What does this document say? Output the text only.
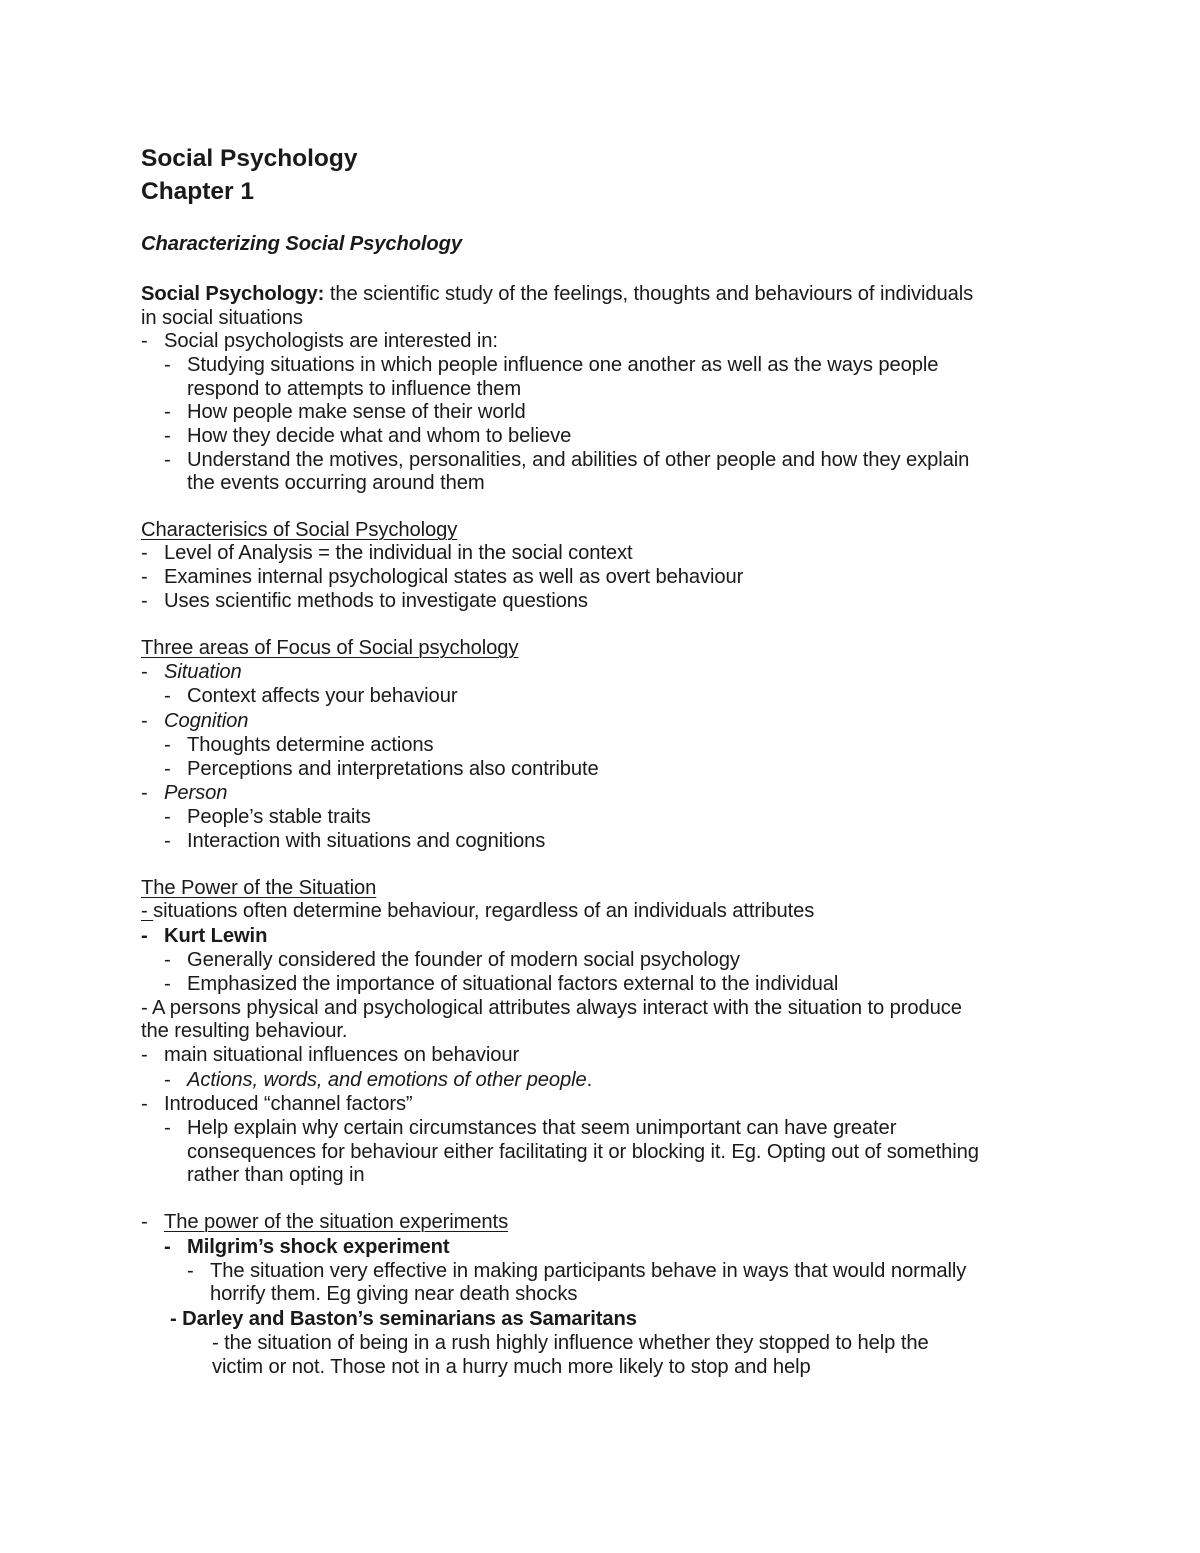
Social Psychology
Chapter 1
Characterizing Social Psychology
Social Psychology: the scientific study of the feelings, thoughts and behaviours of individuals
in social situations
- Social psychologists are interested in:
- Studying situations in which people influence one another as well as the ways people
respond to attempts to influence them
- How people make sense of their world
- How they decide what and whom to believe
- Understand the motives, personalities, and abilities of other people and how they explain
the events occurring around them
Characterisics of Social Psychology
- Level of Analysis = the individual in the social context
- Examines internal psychological states as well as overt behaviour
- Uses scientific methods to investigate questions
Three areas of Focus of Social psychology
- Situation
- Context affects your behaviour
- Cognition
- Thoughts determine actions
- Perceptions and interpretations also contribute
- Person
- People’s stable traits
- Interaction with situations and cognitions
The Power of the Situation
- situations often determine behaviour, regardless of an individuals attributes
- Kurt Lewin
- Generally considered the founder of modern social psychology
- Emphasized the importance of situational factors external to the individual
- A persons physical and psychological attributes always interact with the situation to produce
the resulting behaviour.
- main situational influences on behaviour
- Actions, words, and emotions of other people.
- Introduced “channel factors”
- Help explain why certain circumstances that seem unimportant can have greater
consequences for behaviour either facilitating it or blocking it. Eg. Opting out of something
rather than opting in
- The power of the situation experiments
- Milgrim’s shock experiment
- The situation very effective in making participants behave in ways that would normally
horrify them. Eg giving near death shocks
- Darley and Baston’s seminarians as Samaritans
- the situation of being in a rush highly influence whether they stopped to help the
victim or not. Those not in a hurry much more likely to stop and help
